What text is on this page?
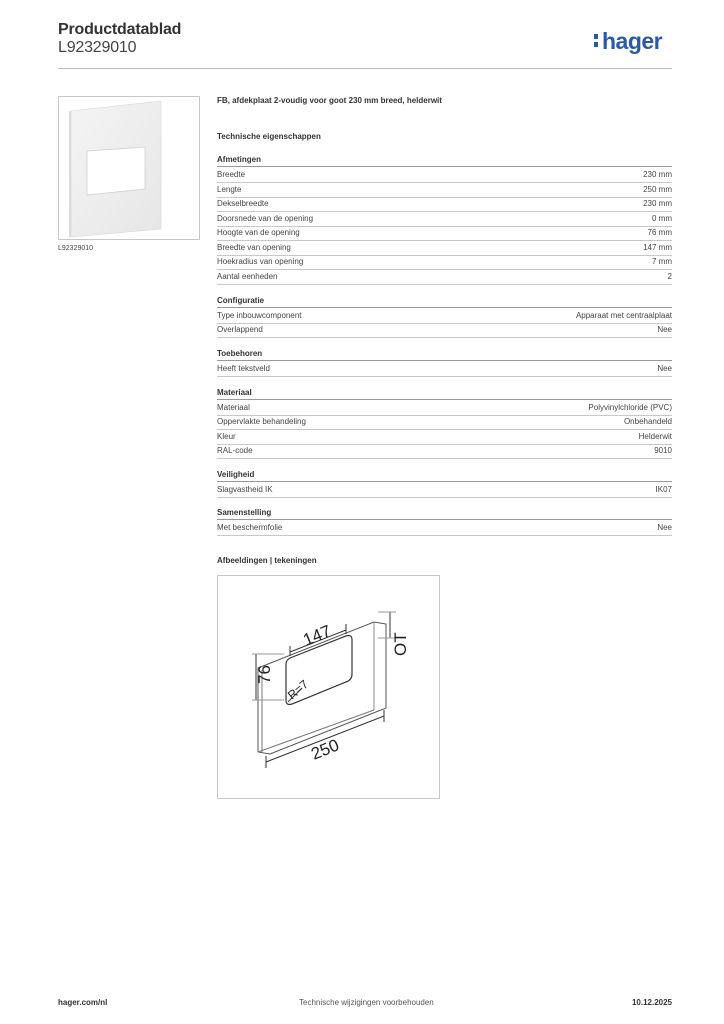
Productdatablad
L92329010	hager
L92329010
FB, afdekplaat 2-voudig voor goot 230 mm breed, helderwit
Technische eigenschappen
Afmetingen
Breedte	230 mm
Lengte	250 mm
Dekselbreedte	230 mm
Doorsnede van de opening	0 mm
Hoogte van de opening	76 mm
Breedte van opening	147 mm
Hoekradius van opening	7 mm
Aantal eenheden	2
Configuratie
Type inbouwcomponent	Apparaat met centraalplaat
Overlappend	Nee
Toebehoren
Heeft tekstveld	Nee
Materiaal
Materiaal	Polyvinylchloride (PVC)
Oppervlakte behandeling	Onbehandeld
Kleur	Helderwit
RAL-code	9010
Veiligheid
Slagvastheid IK	IK07
Samenstelling
Met beschermfolie	Nee
Afbeeldingen | tekeningen
147
76
OT
250
R=7
hager.com/nl	Technische wijzigingen voorbehouden	10.12.2025
